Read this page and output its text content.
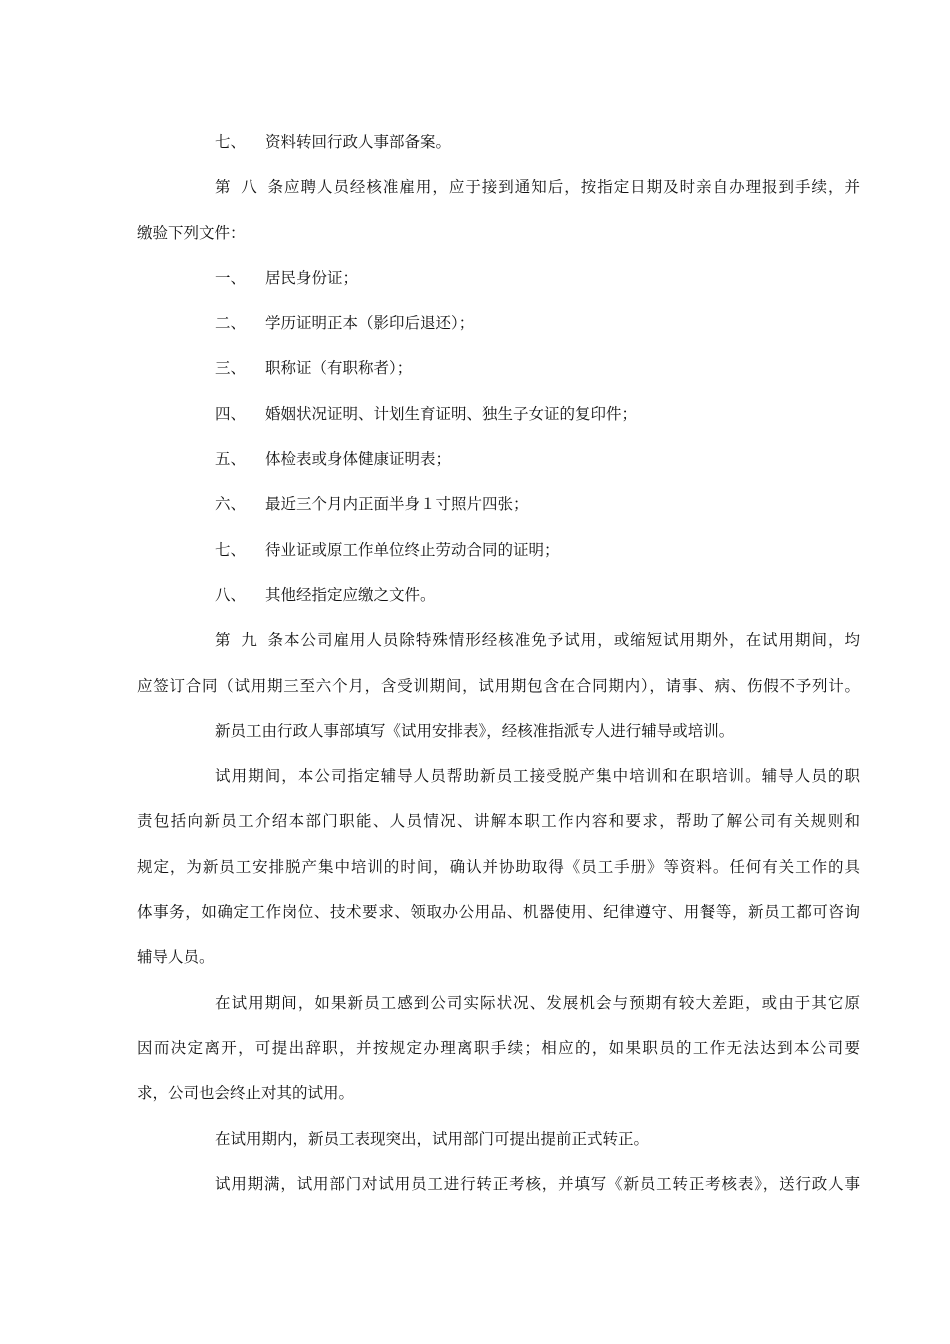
七、 资料转回行政人事部备案。
第八条应聘人员经核准雇用，应于接到通知后，按指定日期及时亲自办理报到手续，并
缴验下列文件：
一、 居民身份证；
二、 学历证明正本（影印后退还）；
三、 职称证（有职称者）；
四、 婚姻状况证明、计划生育证明、独生子女证的复印件；
五、 体检表或身体健康证明表；
六、 最近三个月内正面半身１寸照片四张；
七、 待业证或原工作单位终止劳动合同的证明；
八、 其他经指定应缴之文件。
第九条本公司雇用人员除特殊情形经核准免予试用，或缩短试用期外，在试用期间，均
应签订合同（试用期三至六个月，含受训期间，试用期包含在合同期内），请事、病、伤假不予列计。
新员工由行政人事部填写《试用安排表》，经核准指派专人进行辅导或培训。
试用期间，本公司指定辅导人员帮助新员工接受脱产集中培训和在职培训。辅导人员的职
责包括向新员工介绍本部门职能、人员情况、讲解本职工作内容和要求，帮助了解公司有关规则和
规定，为新员工安排脱产集中培训的时间，确认并协助取得《员工手册》等资料。任何有关工作的具
体事务，如确定工作岗位、技术要求、领取办公用品、机器使用、纪律遵守、用餐等，新员工都可咨询
辅导人员。
在试用期间，如果新员工感到公司实际状况、发展机会与预期有较大差距，或由于其它原
因而决定离开，可提出辞职，并按规定办理离职手续；相应的，如果职员的工作无法达到本公司要
求，公司也会终止对其的试用。
在试用期内，新员工表现突出，试用部门可提出提前正式转正。
试用期满，试用部门对试用员工进行转正考核，并填写《新员工转正考核表》，送行政人事
